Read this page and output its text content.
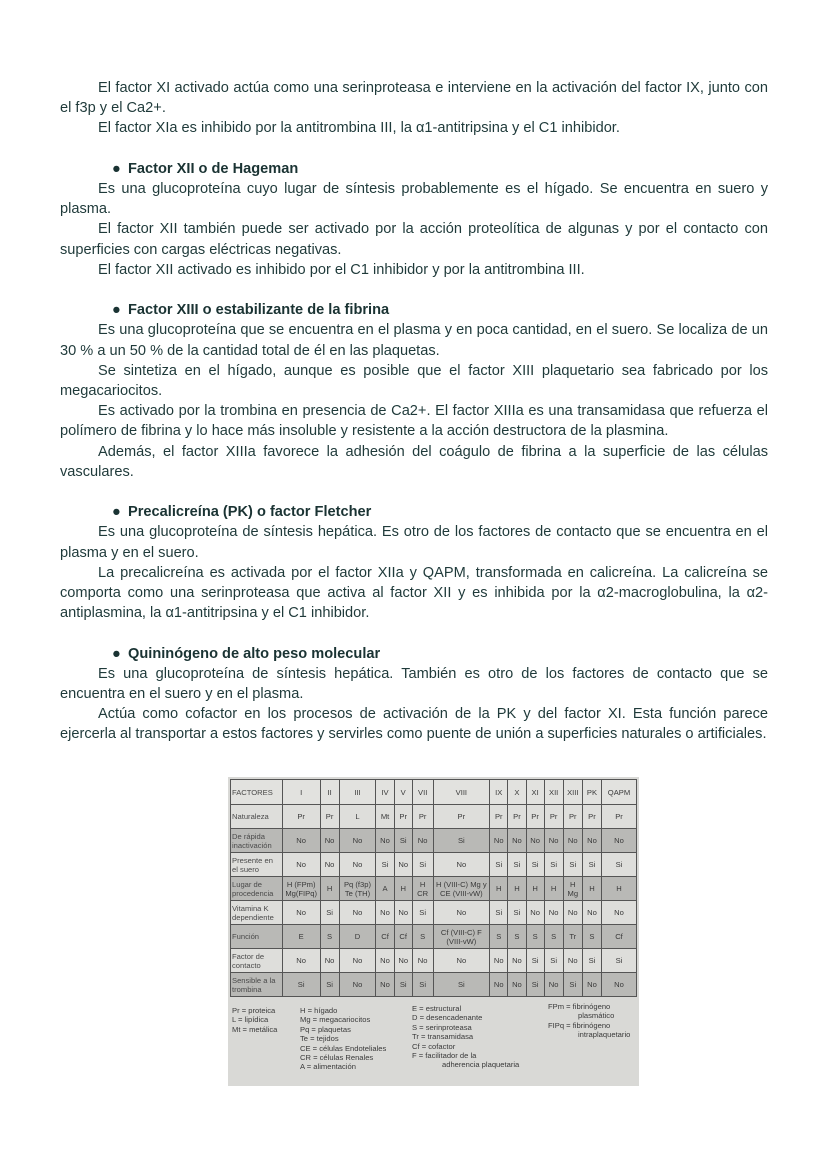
El factor XI activado actúa como una serinproteasa e interviene en la activación del factor IX, junto con el f3p y el Ca2+.

El factor XIa es inhibido por la antitrombina III, la α1-antitripsina y el C1 inhibidor.

● Factor XII o de Hageman

Es una glucoproteína cuyo lugar de síntesis probablemente es el hígado. Se encuentra en suero y plasma.

El factor XII también puede ser activado por la acción proteolítica de algunas y por el contacto con superficies con cargas eléctricas negativas.

El factor XII activado es inhibido por el C1 inhibidor y por la antitrombina III.

● Factor XIII o estabilizante de la fibrina

Es una glucoproteína que se encuentra en el plasma y en poca cantidad, en el suero. Se localiza de un 30 % a un 50 % de la cantidad total de él en las plaquetas.

Se sintetiza en el hígado, aunque es posible que el factor XIII plaquetario sea fabricado por los megacariocitos.

Es activado por la trombina en presencia de Ca2+. El factor XIIIa es una transamidasa que refuerza el polímero de fibrina y lo hace más insoluble y resistente a la acción destructora de la plasmina.

Además, el factor XIIIa favorece la adhesión del coágulo de fibrina a la superficie de las células vasculares.

● Precalicreína (PK) o factor Fletcher

Es una glucoproteína de síntesis hepática. Es otro de los factores de contacto que se encuentra en el plasma y en el suero.

La precalicreína es activada por el factor XIIa y QAPM, transformada en calicreína. La calicreína se comporta como una serinproteasa que activa al factor XII y es inhibida por la α2-macroglobulina, la α2-antiplasmina, la α1-antitripsina y el C1 inhibidor.

● Quininógeno de alto peso molecular

Es una glucoproteína de síntesis hepática. También es otro de los factores de contacto que se encuentra en el suero y en el plasma.

Actúa como cofactor en los procesos de activación de la PK y del factor XI. Esta función parece ejercerla al transportar a estos factores y servirles como puente de unión a superficies naturales o artificiales.

FACTORES	I	II	III	IV	V	VII	VIII	IX	X	XI	XII	XIII	PK	QAPM
Naturaleza	Pr	Pr	L	Mt	Pr	Pr	Pr	Pr	Pr	Pr	Pr	Pr	Pr	Pr
De rápida inactivación	No	No	No	No	Si	No	Si	No	No	No	No	No	No	No
Presente en el suero	No	No	No	Si	No	Si	No	Si	Si	Si	Si	Si	Si	Si
Lugar de procedencia	H (FPm) Mg(FIPq)	H	Pq (f3p) Te (TH)	A	H	H CR	H (VIII-C) Mg y CE (VIII-vW)	H	H	H	H	H Mg	H	H
Vitamina K dependiente	No	Si	No	No	No	Si	No	Si	Si	No	No	No	No	No
Función	E	S	D	Cf	Cf	S	Cf (VIII-C) F (VIII-vW)	S	S	S	S	Tr	S	Cf
Factor de contacto	No	No	No	No	No	No	No	No	No	Si	Si	No	Si	Si
Sensible a la trombina	Si	Si	No	No	Si	Si	Si	No	No	Si	No	Si	No	No
Pr = proteica
L = lipídica
Mt = metálica
H = hígado
Mg = megacariocitos
Pq = plaquetas
Te = tejidos
CE = células Endoteliales
CR = células Renales
A = alimentación
E = estructural
D = desencadenante
S = serinproteasa
Tr = transamidasa
Cf = cofactor
F = facilitador de la
adherencia plaquetaria
FPm = fibrinógeno
plasmático
FIPq = fibrinógeno
intraplaquetario
